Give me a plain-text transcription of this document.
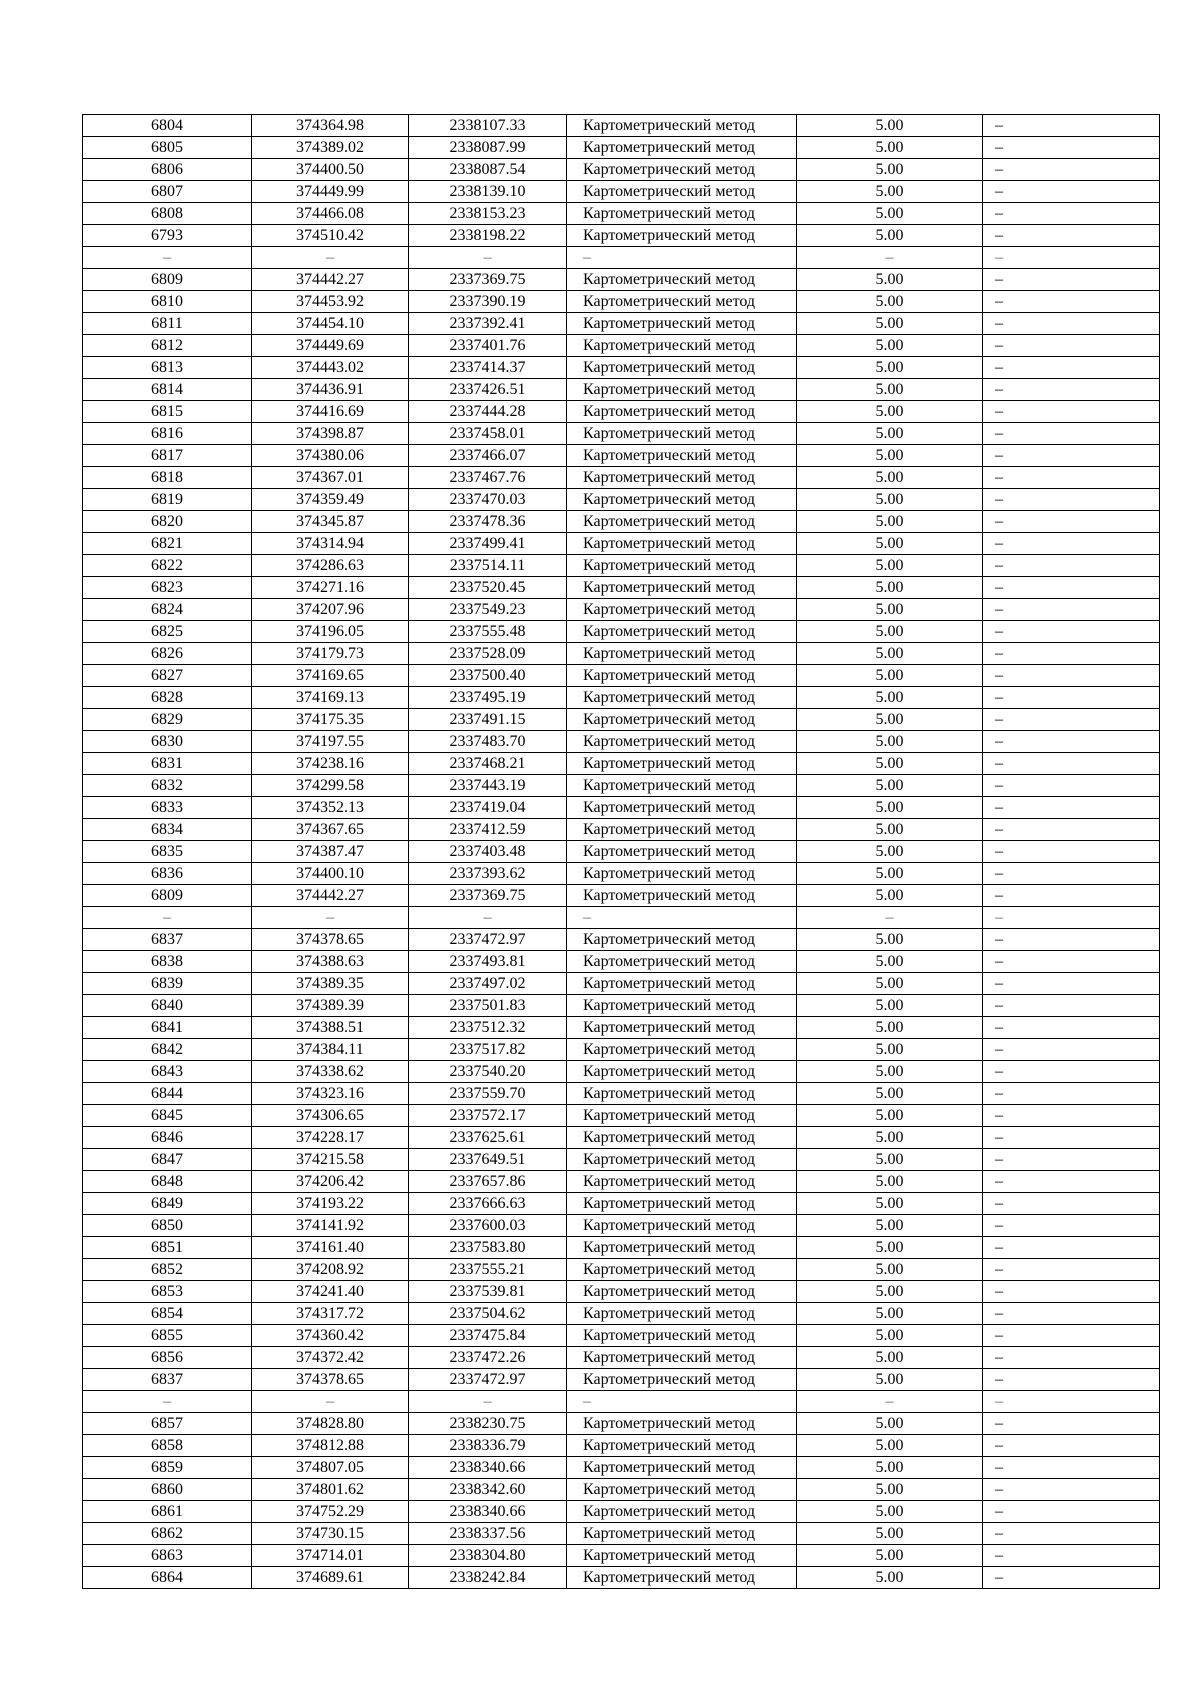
6804	374364.98	2338107.33	Картометрический метод	5.00	–
6805	374389.02	2338087.99	Картометрический метод	5.00	–
6806	374400.50	2338087.54	Картометрический метод	5.00	–
6807	374449.99	2338139.10	Картометрический метод	5.00	–
6808	374466.08	2338153.23	Картометрический метод	5.00	–
6793	374510.42	2338198.22	Картометрический метод	5.00	–
–	–	–	–	–	–
6809	374442.27	2337369.75	Картометрический метод	5.00	–
6810	374453.92	2337390.19	Картометрический метод	5.00	–
6811	374454.10	2337392.41	Картометрический метод	5.00	–
6812	374449.69	2337401.76	Картометрический метод	5.00	–
6813	374443.02	2337414.37	Картометрический метод	5.00	–
6814	374436.91	2337426.51	Картометрический метод	5.00	–
6815	374416.69	2337444.28	Картометрический метод	5.00	–
6816	374398.87	2337458.01	Картометрический метод	5.00	–
6817	374380.06	2337466.07	Картометрический метод	5.00	–
6818	374367.01	2337467.76	Картометрический метод	5.00	–
6819	374359.49	2337470.03	Картометрический метод	5.00	–
6820	374345.87	2337478.36	Картометрический метод	5.00	–
6821	374314.94	2337499.41	Картометрический метод	5.00	–
6822	374286.63	2337514.11	Картометрический метод	5.00	–
6823	374271.16	2337520.45	Картометрический метод	5.00	–
6824	374207.96	2337549.23	Картометрический метод	5.00	–
6825	374196.05	2337555.48	Картометрический метод	5.00	–
6826	374179.73	2337528.09	Картометрический метод	5.00	–
6827	374169.65	2337500.40	Картометрический метод	5.00	–
6828	374169.13	2337495.19	Картометрический метод	5.00	–
6829	374175.35	2337491.15	Картометрический метод	5.00	–
6830	374197.55	2337483.70	Картометрический метод	5.00	–
6831	374238.16	2337468.21	Картометрический метод	5.00	–
6832	374299.58	2337443.19	Картометрический метод	5.00	–
6833	374352.13	2337419.04	Картометрический метод	5.00	–
6834	374367.65	2337412.59	Картометрический метод	5.00	–
6835	374387.47	2337403.48	Картометрический метод	5.00	–
6836	374400.10	2337393.62	Картометрический метод	5.00	–
6809	374442.27	2337369.75	Картометрический метод	5.00	–
–	–	–	–	–	–
6837	374378.65	2337472.97	Картометрический метод	5.00	–
6838	374388.63	2337493.81	Картометрический метод	5.00	–
6839	374389.35	2337497.02	Картометрический метод	5.00	–
6840	374389.39	2337501.83	Картометрический метод	5.00	–
6841	374388.51	2337512.32	Картометрический метод	5.00	–
6842	374384.11	2337517.82	Картометрический метод	5.00	–
6843	374338.62	2337540.20	Картометрический метод	5.00	–
6844	374323.16	2337559.70	Картометрический метод	5.00	–
6845	374306.65	2337572.17	Картометрический метод	5.00	–
6846	374228.17	2337625.61	Картометрический метод	5.00	–
6847	374215.58	2337649.51	Картометрический метод	5.00	–
6848	374206.42	2337657.86	Картометрический метод	5.00	–
6849	374193.22	2337666.63	Картометрический метод	5.00	–
6850	374141.92	2337600.03	Картометрический метод	5.00	–
6851	374161.40	2337583.80	Картометрический метод	5.00	–
6852	374208.92	2337555.21	Картометрический метод	5.00	–
6853	374241.40	2337539.81	Картометрический метод	5.00	–
6854	374317.72	2337504.62	Картометрический метод	5.00	–
6855	374360.42	2337475.84	Картометрический метод	5.00	–
6856	374372.42	2337472.26	Картометрический метод	5.00	–
6837	374378.65	2337472.97	Картометрический метод	5.00	–
–	–	–	–	–	–
6857	374828.80	2338230.75	Картометрический метод	5.00	–
6858	374812.88	2338336.79	Картометрический метод	5.00	–
6859	374807.05	2338340.66	Картометрический метод	5.00	–
6860	374801.62	2338342.60	Картометрический метод	5.00	–
6861	374752.29	2338340.66	Картометрический метод	5.00	–
6862	374730.15	2338337.56	Картометрический метод	5.00	–
6863	374714.01	2338304.80	Картометрический метод	5.00	–
6864	374689.61	2338242.84	Картометрический метод	5.00	–
